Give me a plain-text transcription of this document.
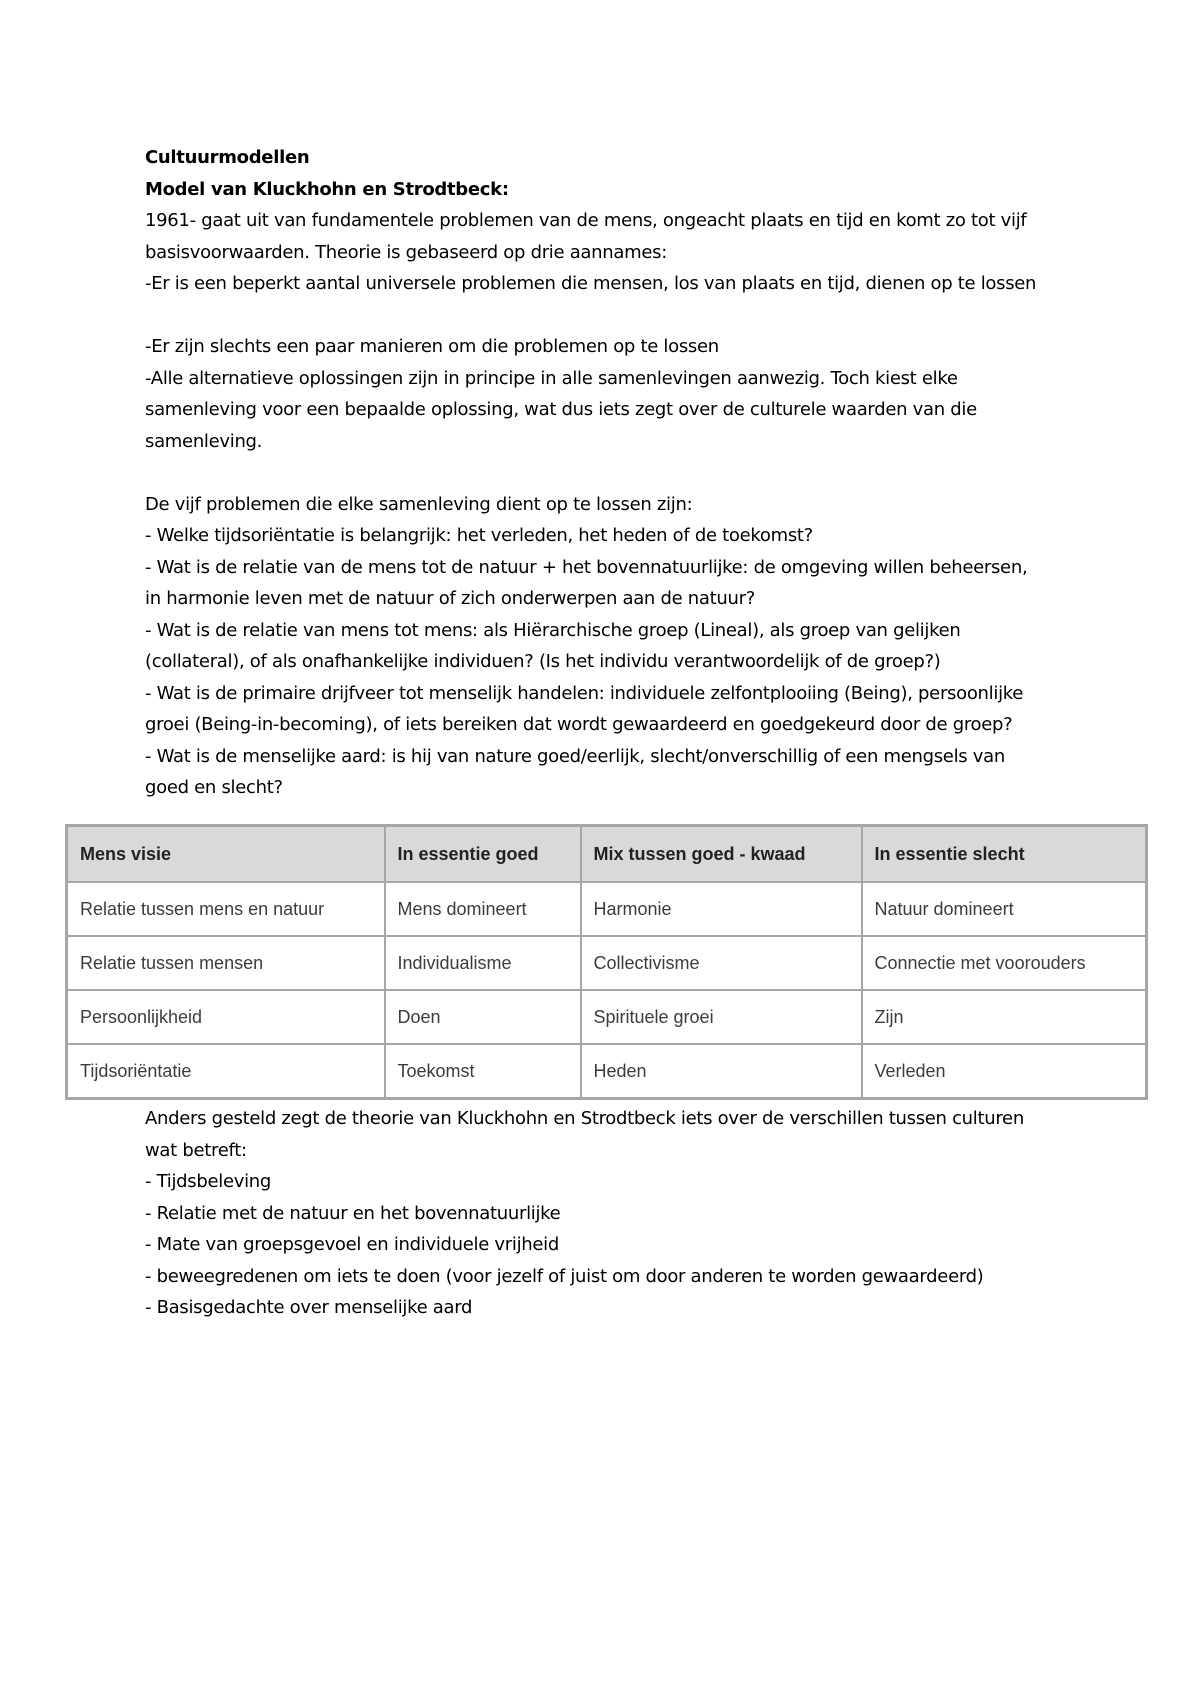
Cultuurmodellen
Model van Kluckhohn en Strodtbeck:
1961- gaat uit van fundamentele problemen van de mens, ongeacht plaats en tijd en komt zo tot vijf
basisvoorwaarden. Theorie is gebaseerd op drie aannames:
-Er is een beperkt aantal universele problemen die mensen, los van plaats en tijd, dienen op te lossen
-Er zijn slechts een paar manieren om die problemen op te lossen
-Alle alternatieve oplossingen zijn in principe in alle samenlevingen aanwezig. Toch kiest elke
samenleving voor een bepaalde oplossing, wat dus iets zegt over de culturele waarden van die
samenleving.
De vijf problemen die elke samenleving dient op te lossen zijn:
- Welke tijdsoriëntatie is belangrijk: het verleden, het heden of de toekomst?
- Wat is de relatie van de mens tot de natuur + het bovennatuurlijke: de omgeving willen beheersen,
in harmonie leven met de natuur of zich onderwerpen aan de natuur?
- Wat is de relatie van mens tot mens: als Hiërarchische groep (Lineal), als groep van gelijken
(collateral), of als onafhankelijke individuen? (Is het individu verantwoordelijk of de groep?)
- Wat is de primaire drijfveer tot menselijk handelen: individuele zelfontplooiing (Being), persoonlijke
groei (Being-in-becoming), of iets bereiken dat wordt gewaardeerd en goedgekeurd door de groep?
- Wat is de menselijke aard: is hij van nature goed/eerlijk, slecht/onverschillig of een mengsels van
goed en slecht?
Mens visie	In essentie goed	Mix tussen goed - kwaad	In essentie slecht
Relatie tussen mens en natuur	Mens domineert	Harmonie	Natuur domineert
Relatie tussen mensen	Individualisme	Collectivisme	Connectie met voorouders
Persoonlijkheid	Doen	Spirituele groei	Zijn
Tijdsoriëntatie	Toekomst	Heden	Verleden
Anders gesteld zegt de theorie van Kluckhohn en Strodtbeck iets over de verschillen tussen culturen
wat betreft:
- Tijdsbeleving
- Relatie met de natuur en het bovennatuurlijke
- Mate van groepsgevoel en individuele vrijheid
- beweegredenen om iets te doen (voor jezelf of juist om door anderen te worden gewaardeerd)
- Basisgedachte over menselijke aard
